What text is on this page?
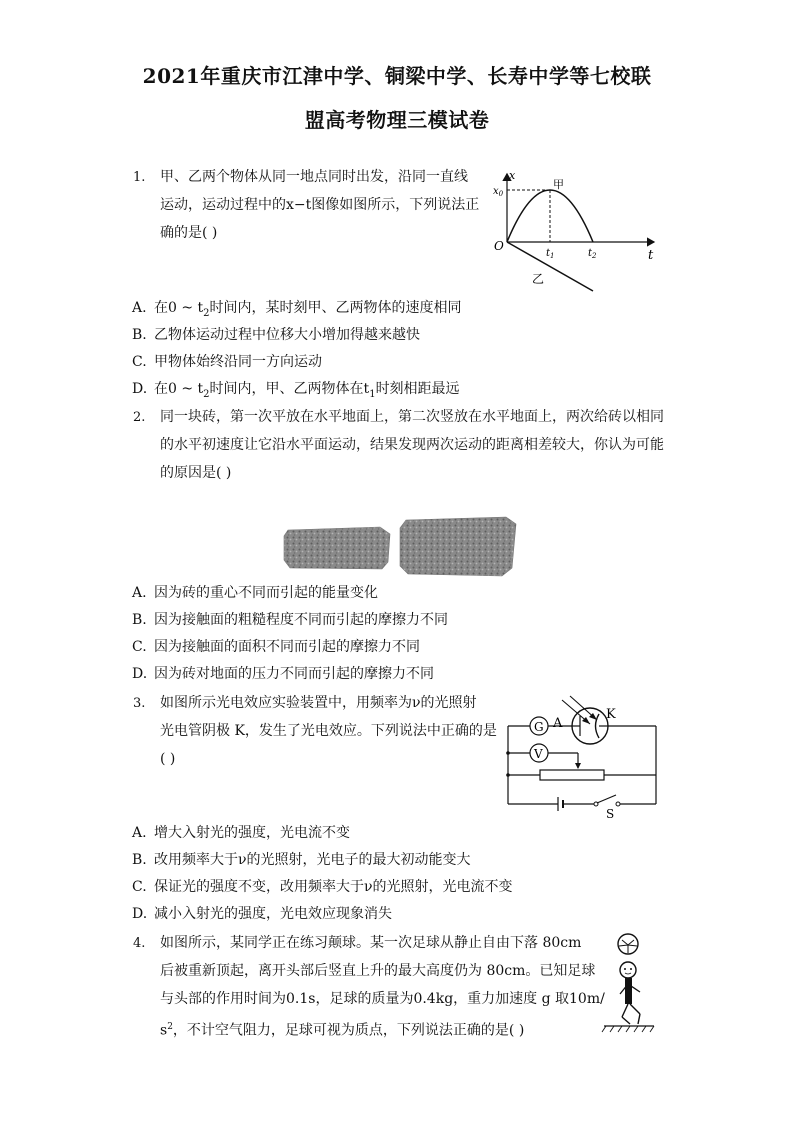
2021年重庆市江津中学、铜梁中学、长寿中学等七校联
盟高考物理三模试卷
1. 甲、乙两个物体从同一地点同时出发，沿同一直线
运动，运动过程中的x−t图像如图所示，下列说法正
确的是( )
x
$x_0$
甲
乙
O
$t_1$	$t_2$	t
A. 在0 ~ $t_2$时间内，某时刻甲、乙两物体的速度相同
B. 乙物体运动过程中位移大小增加得越来越快
C. 甲物体始终沿同一方向运动
D. 在0 ~ $t_2$时间内，甲、乙两物体在$t_1$时刻相距最远
2. 同一块砖，第一次平放在水平地面上，第二次竖放在水平地面上，两次给砖以相同
的水平初速度让它沿水平面运动，结果发现两次运动的距离相差较大，你认为可能
的原因是( )
A. 因为砖的重心不同而引起的能量变化
B. 因为接触面的粗糙程度不同而引起的摩擦力不同
C. 因为接触面的面积不同而引起的摩擦力不同
D. 因为砖对地面的压力不同而引起的摩擦力不同
3. 如图所示光电效应实验装置中，用频率为ν的光照射
光电管阴极 K，发生了光电效应。下列说法中正确的是
( )
A
K
G
V
S
A. 增大入射光的强度，光电流不变
B. 改用频率大于ν的光照射，光电子的最大初动能变大
C. 保证光的强度不变，改用频率大于ν的光照射，光电流不变
D. 减小入射光的强度，光电效应现象消失
4. 如图所示，某同学正在练习颠球。某一次足球从静止自由下落 80cm
后被重新顶起，离开头部后竖直上升的最大高度仍为 80cm。已知足球
与头部的作用时间为0.1s，足球的质量为0.4kg，重力加速度 g 取10m/
$s^2$，不计空气阻力，足球可视为质点，下列说法正确的是( )
